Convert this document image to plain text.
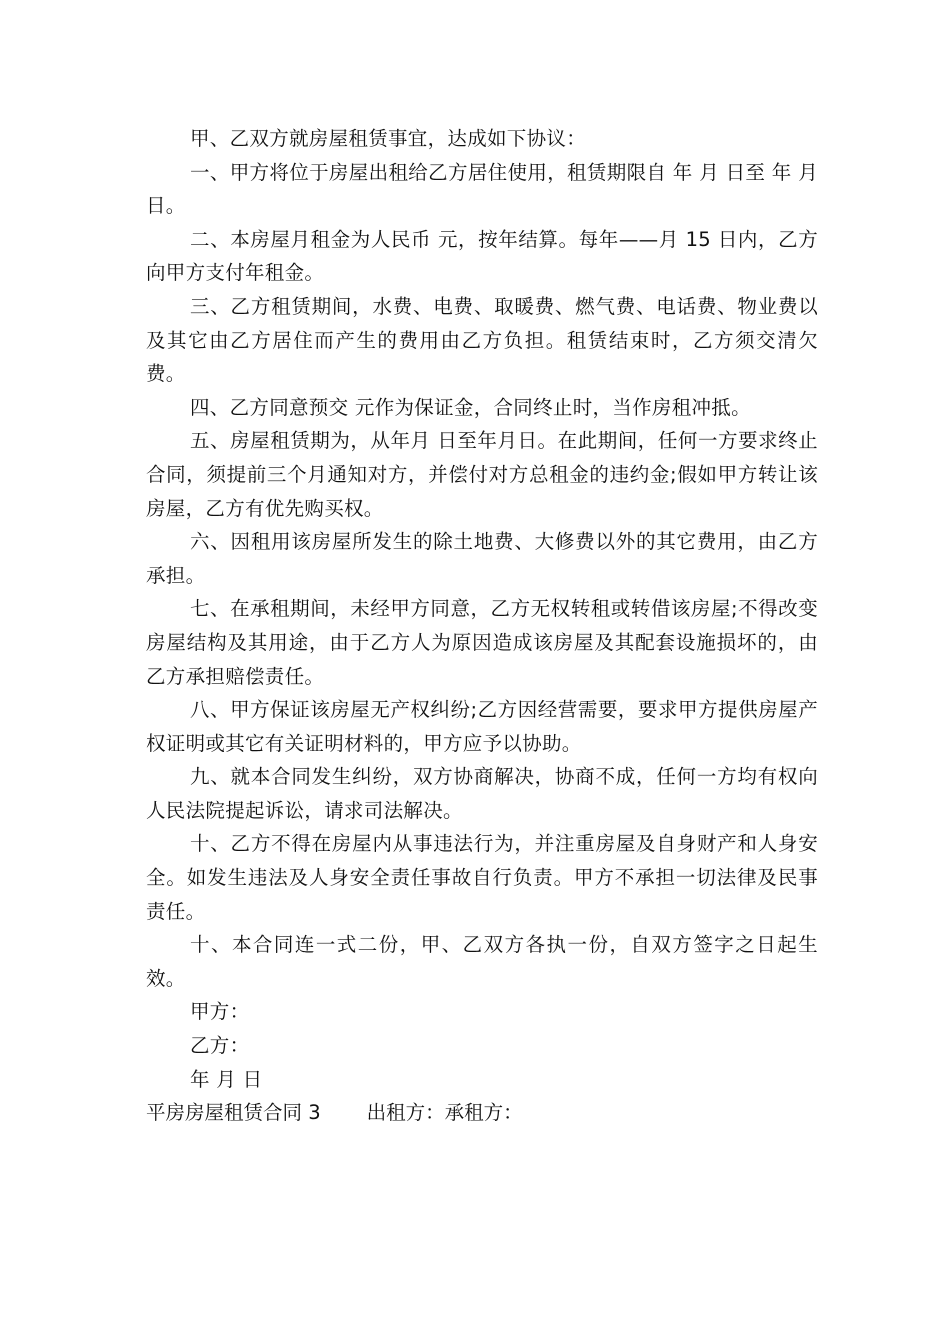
甲、乙双方就房屋租赁事宜，达成如下协议：

一、甲方将位于房屋出租给乙方居住使用，租赁期限自 年 月 日至 年 月 日。

二、本房屋月租金为人民币 元，按年结算。每年——月 15 日内，乙方向甲方支付年租金。

三、乙方租赁期间，水费、电费、取暖费、燃气费、电话费、物业费以及其它由乙方居住而产生的费用由乙方负担。租赁结束时，乙方须交清欠费。

四、乙方同意预交 元作为保证金，合同终止时，当作房租冲抵。

五、房屋租赁期为，从年月 日至年月日。在此期间，任何一方要求终止合同，须提前三个月通知对方，并偿付对方总租金的违约金;假如甲方转让该房屋，乙方有优先购买权。

六、因租用该房屋所发生的除土地费、大修费以外的其它费用，由乙方承担。

七、在承租期间，未经甲方同意，乙方无权转租或转借该房屋;不得改变房屋结构及其用途，由于乙方人为原因造成该房屋及其配套设施损坏的，由乙方承担赔偿责任。

八、甲方保证该房屋无产权纠纷;乙方因经营需要，要求甲方提供房屋产权证明或其它有关证明材料的，甲方应予以协助。

九、就本合同发生纠纷，双方协商解决，协商不成，任何一方均有权向人民法院提起诉讼，请求司法解决。

十、乙方不得在房屋内从事违法行为，并注重房屋及自身财产和人身安全。如发生违法及人身安全责任事故自行负责。甲方不承担一切法律及民事责任。

十、本合同连一式二份，甲、乙双方各执一份，自双方签字之日起生效。

甲方：

乙方：

年 月 日

平房房屋租赁合同 3 出租方：承租方：
